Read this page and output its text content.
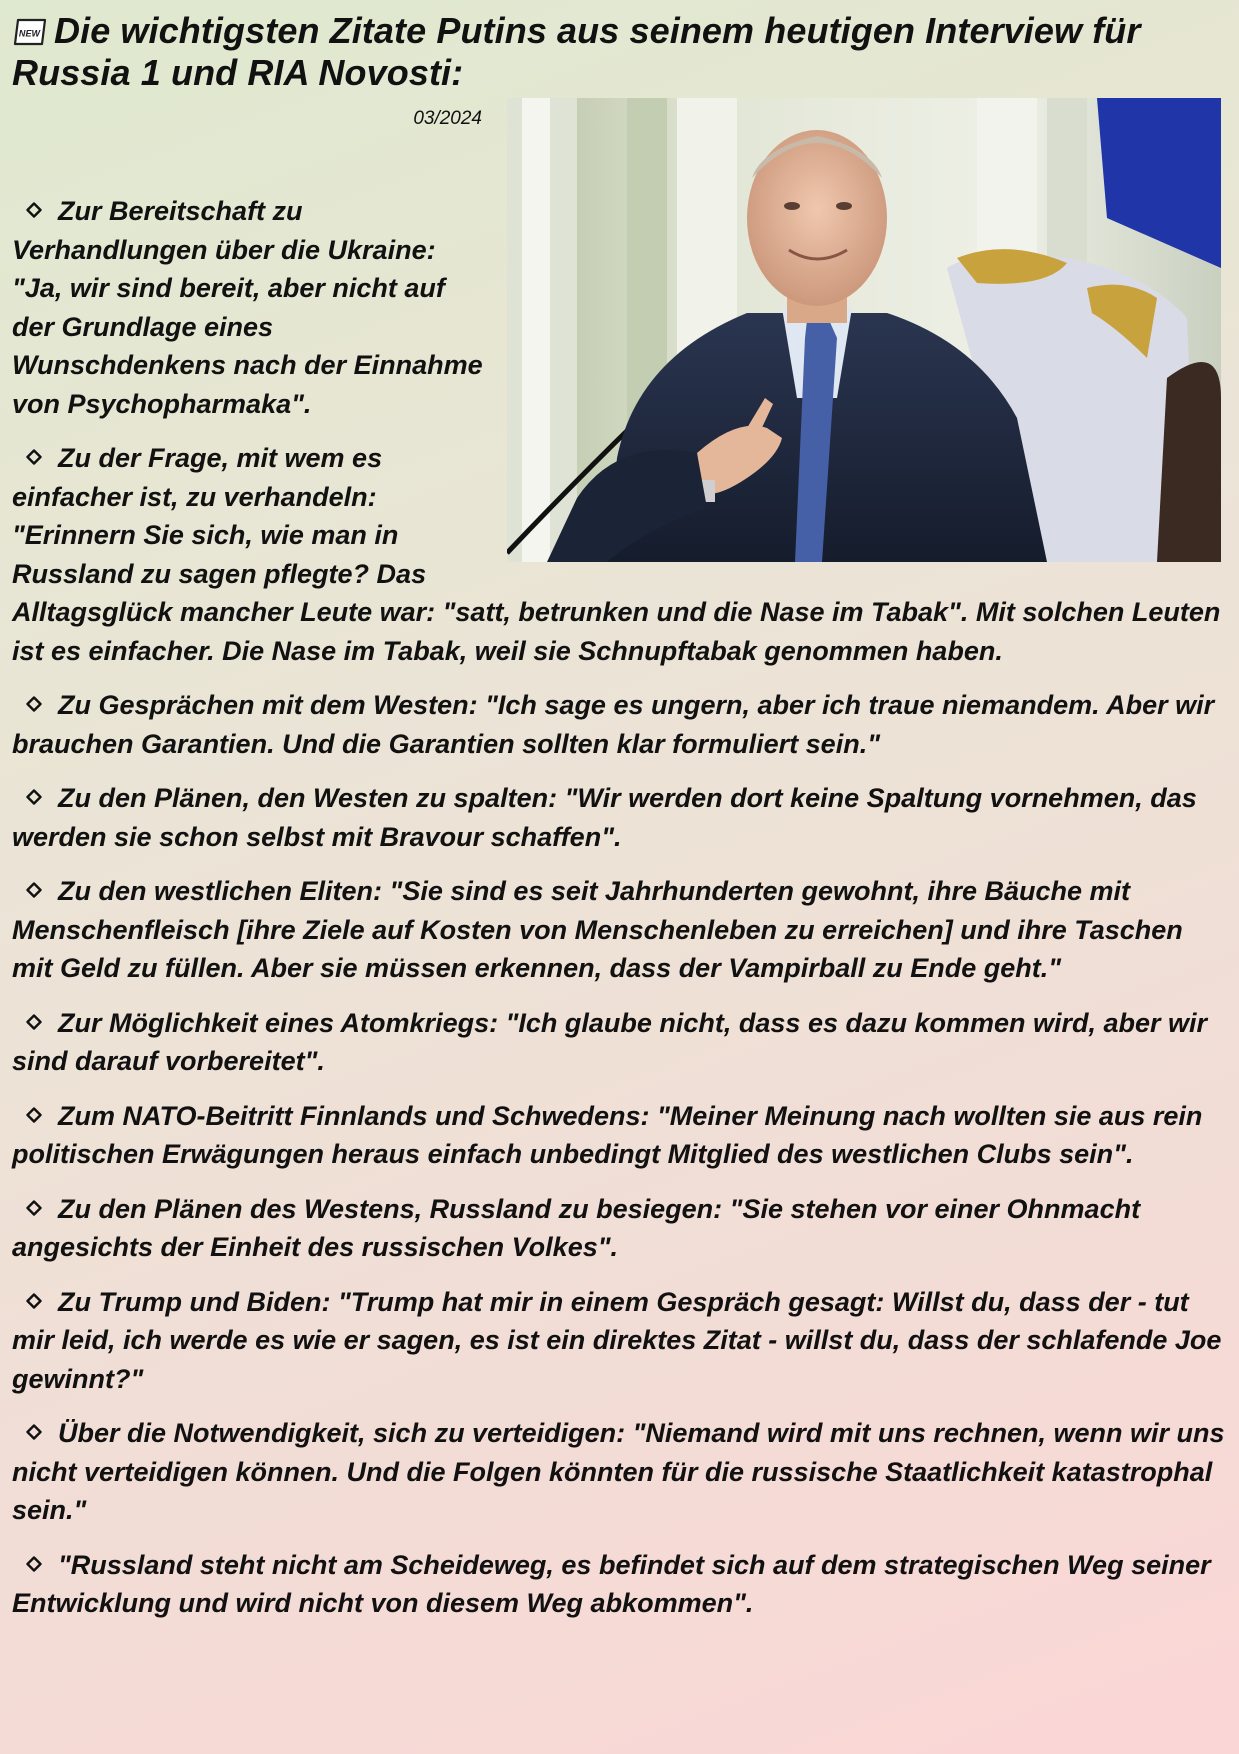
NEW Die wichtigsten Zitate Putins aus seinem heutigen Interview für Russia 1 und RIA Novosti:
03/2024
Zur Bereitschaft zu Verhandlungen über die Ukraine: "Ja, wir sind bereit, aber nicht auf der Grundlage eines Wunschdenkens nach der Einnahme von Psychopharmaka".
Zu der Frage, mit wem es einfacher ist, zu verhandeln: "Erinnern Sie sich, wie man in Russland zu sagen pflegte? Das Alltagsglück mancher Leute war: "satt, betrunken und die Nase im Tabak". Mit solchen Leuten ist es einfacher. Die Nase im Tabak, weil sie Schnupftabak genommen haben.
Zu Gesprächen mit dem Westen: "Ich sage es ungern, aber ich traue niemandem. Aber wir brauchen Garantien. Und die Garantien sollten klar formuliert sein."
Zu den Plänen, den Westen zu spalten: "Wir werden dort keine Spaltung vornehmen, das werden sie schon selbst mit Bravour schaffen".
Zu den westlichen Eliten: "Sie sind es seit Jahrhunderten gewohnt, ihre Bäuche mit Menschenfleisch [ihre Ziele auf Kosten von Menschenleben zu erreichen] und ihre Taschen mit Geld zu füllen. Aber sie müssen erkennen, dass der Vampirball zu Ende geht."
Zur Möglichkeit eines Atomkriegs: "Ich glaube nicht, dass es dazu kommen wird, aber wir sind darauf vorbereitet".
Zum NATO-Beitritt Finnlands und Schwedens: "Meiner Meinung nach wollten sie aus rein politischen Erwägungen heraus einfach unbedingt Mitglied des westlichen Clubs sein".
Zu den Plänen des Westens, Russland zu besiegen: "Sie stehen vor einer Ohnmacht angesichts der Einheit des russischen Volkes".
Zu Trump und Biden: "Trump hat mir in einem Gespräch gesagt: Willst du, dass der - tut mir leid, ich werde es wie er sagen, es ist ein direktes Zitat - willst du, dass der schlafende Joe gewinnt?"
Über die Notwendigkeit, sich zu verteidigen: "Niemand wird mit uns rechnen, wenn wir uns nicht verteidigen können. Und die Folgen könnten für die russische Staatlichkeit katastrophal sein."
"Russland steht nicht am Scheideweg, es befindet sich auf dem strategischen Weg seiner Entwicklung und wird nicht von diesem Weg abkommen".
